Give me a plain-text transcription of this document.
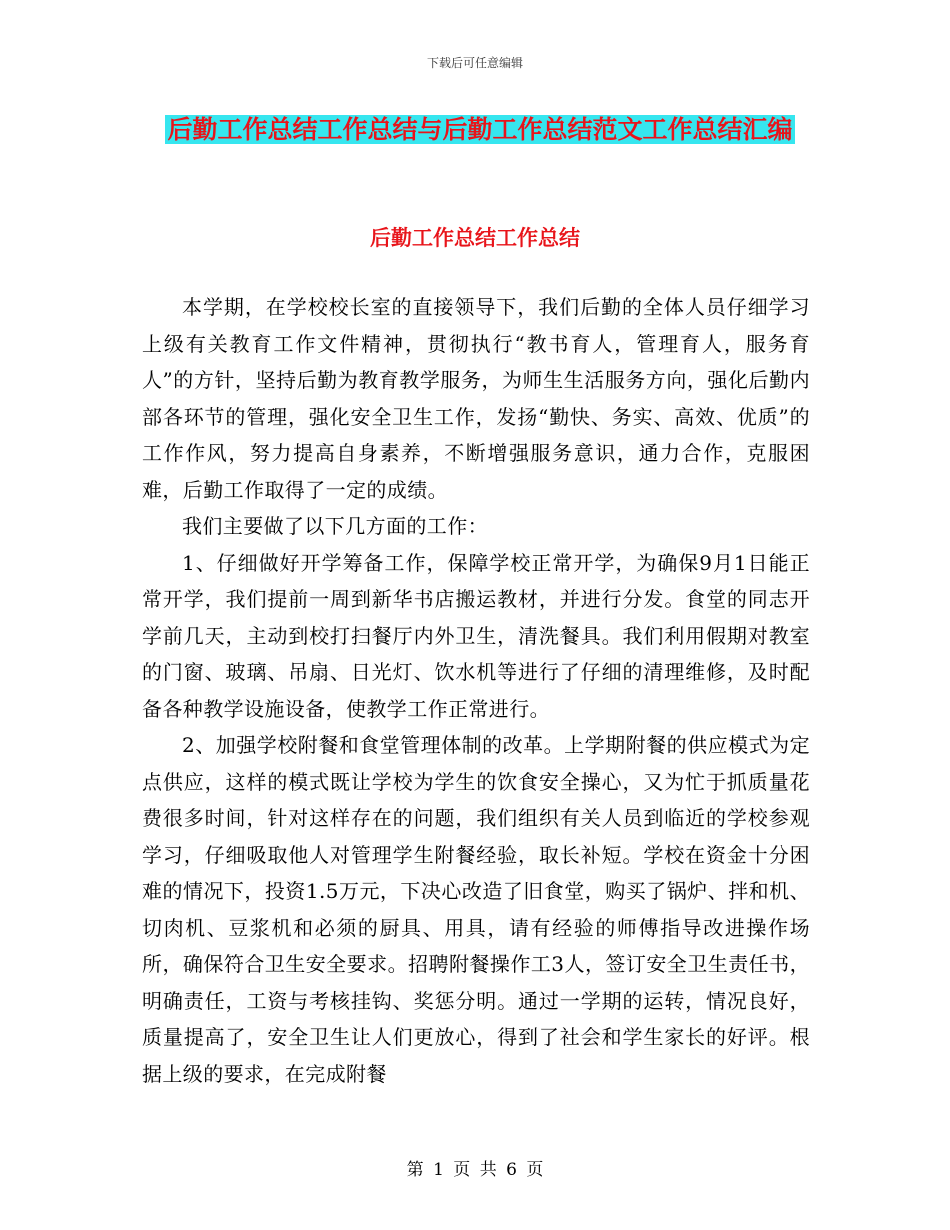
下载后可任意编辑
后勤工作总结工作总结与后勤工作总结范文工作总结汇编
后勤工作总结工作总结

本学期，在学校校长室的直接领导下，我们后勤的全体人员仔细学习上级有关教育工作文件精神，贯彻执行“教书育人，管理育人，服务育人”的方针，坚持后勤为教育教学服务，为师生生活服务方向，强化后勤内部各环节的管理，强化安全卫生工作，发扬“勤快、务实、高效、优质”的工作作风，努力提高自身素养，不断增强服务意识，通力合作，克服困难，后勤工作取得了一定的成绩。

我们主要做了以下几方面的工作：

1、仔细做好开学筹备工作，保障学校正常开学，为确保9月1日能正常开学，我们提前一周到新华书店搬运教材，并进行分发。食堂的同志开学前几天，主动到校打扫餐厅内外卫生，清洗餐具。我们利用假期对教室的门窗、玻璃、吊扇、日光灯、饮水机等进行了仔细的清理维修，及时配备各种教学设施设备，使教学工作正常进行。

2、加强学校附餐和食堂管理体制的改革。上学期附餐的供应模式为定点供应，这样的模式既让学校为学生的饮食安全操心，又为忙于抓质量花费很多时间，针对这样存在的问题，我们组织有关人员到临近的学校参观学习，仔细吸取他人对管理学生附餐经验，取长补短。学校在资金十分困难的情况下，投资1.5万元，下决心改造了旧食堂，购买了锅炉、拌和机、切肉机、豆浆机和必须的厨具、用具，请有经验的师傅指导改进操作场所，确保符合卫生安全要求。招聘附餐操作工3人，签订安全卫生责任书，明确责任，工资与考核挂钩、奖惩分明。通过一学期的运转，情况良好，质量提高了，安全卫生让人们更放心，得到了社会和学生家长的好评。根据上级的要求，在完成附餐

第 1 页 共 6 页
